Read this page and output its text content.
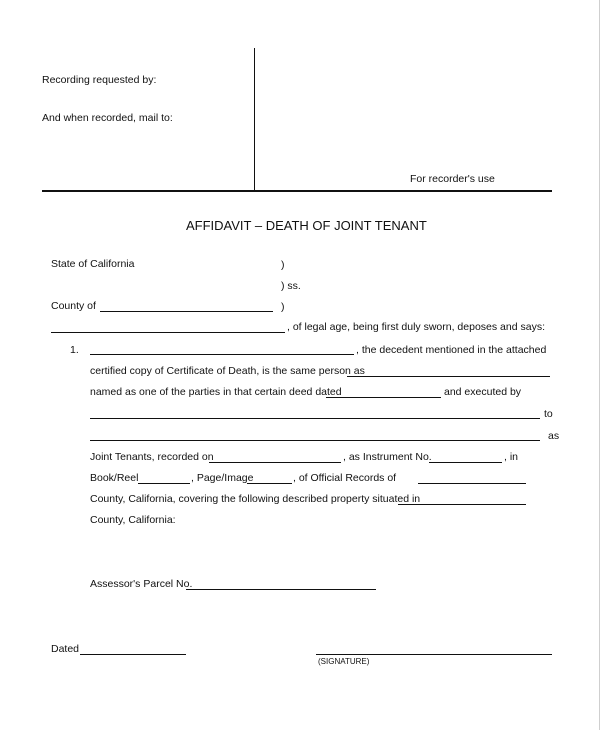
Recording requested by:
And when recorded, mail to:
For recorder's use
AFFIDAVIT – DEATH OF JOINT TENANT
State of California	)
) ss.
County of	)
, of legal age, being first duly sworn, deposes and says:
1.	, the decedent mentioned in the attached
certified copy of Certificate of Death, is the same person as
named as one of the parties in that certain deed dated	and executed by
to
as
Joint Tenants, recorded on	, as Instrument No.	, in
Book/Reel	, Page/Image	, of Official Records of
County, California, covering the following described property situated in
County, California:
Assessor's Parcel No.
Dated
(SIGNATURE)
